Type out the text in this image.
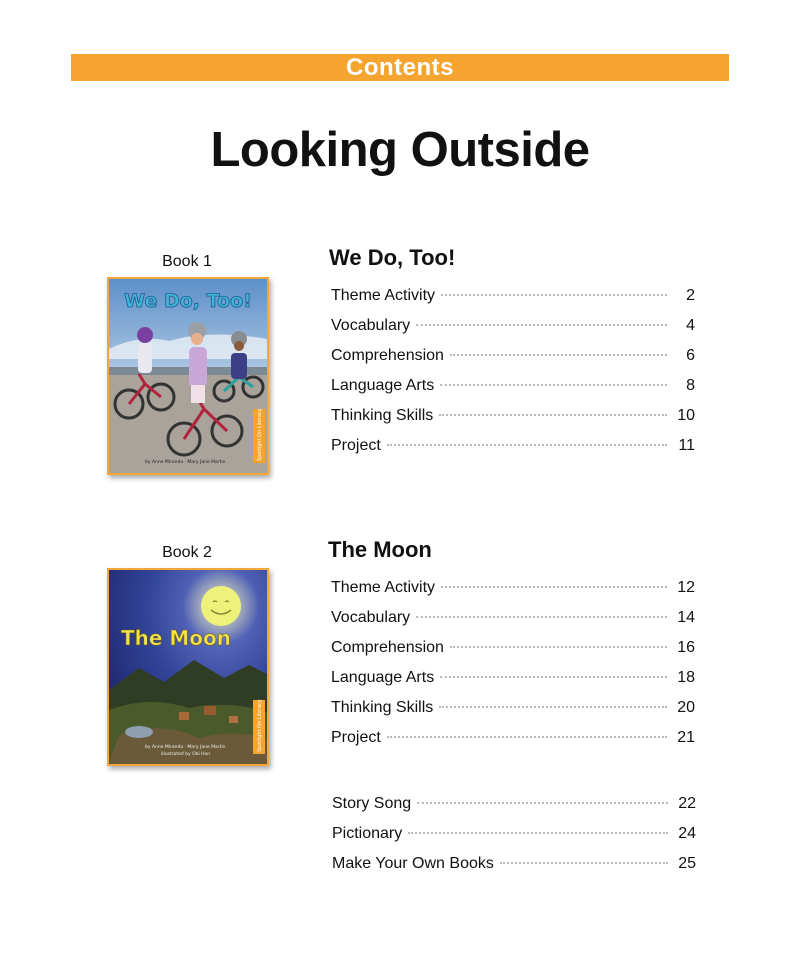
Contents
Looking Outside
Book 1
We Do, Too!
Spotlight On Literacy
by Anne Miranda · Mary Jane Martin
We Do, Too!
Theme Activity	2
Vocabulary	4
Comprehension	6
Language Arts	8
Thinking Skills	10
Project	11
Book 2
The Moon
Spotlight On Literacy
by Anne Miranda · Mary Jane Martin
illustrated by Obi Han
The Moon
Theme Activity	12
Vocabulary	14
Comprehension	16
Language Arts	18
Thinking Skills	20
Project	21
Story Song	22
Pictionary	24
Make Your Own Books	25
